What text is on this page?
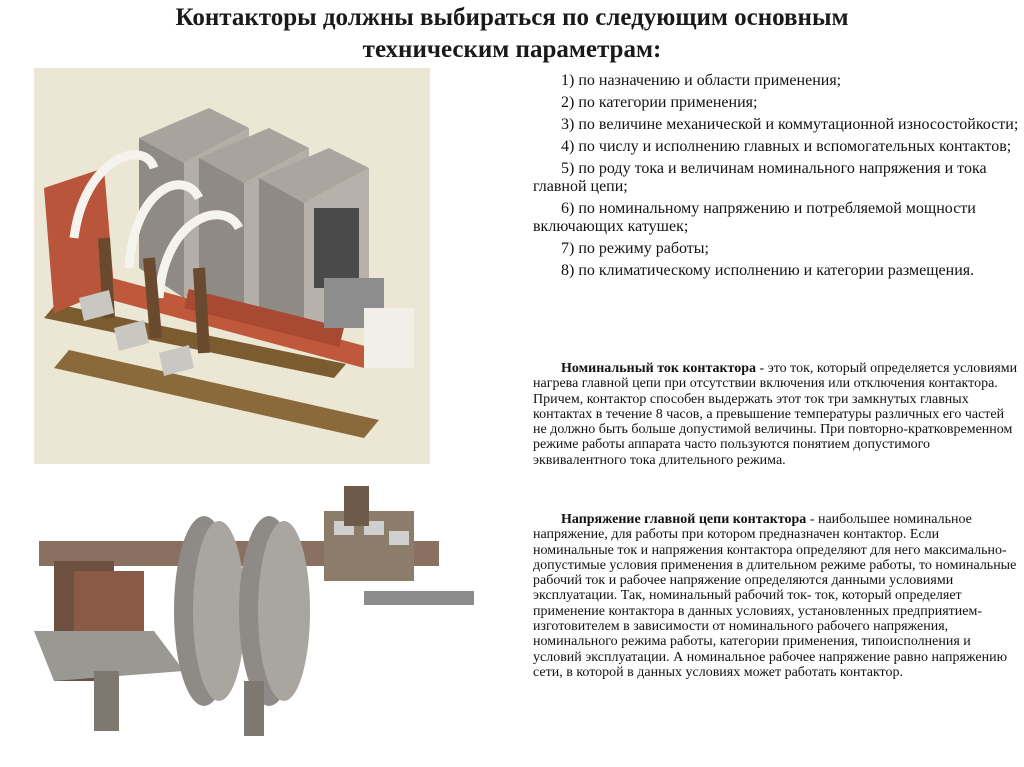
Контакторы должны выбираться по следующим основным
техническим параметрам:
1) по назначению и области применения;
2) по категории применения;
3) по величине механической и коммутационной износостойкости;
4) по числу и исполнению главных и вспомогательных контактов;
5) по роду тока и величинам номинального напряжения и тока главной цепи;
6) по номинальному напряжению и потребляемой мощности включающих катушек;
7) по режиму работы;
8) по климатическому исполнению и категории размещения.

Номинальный ток контактора - это ток, который определяется условиями нагрева главной цепи при отсутствии включения или отключения контактора. Причем, контактор способен выдержать этот ток три замкнутых главных контактах в течение 8 часов, а превышение температуры различных его частей не должно быть больше допустимой величины. При повторно-кратковременном режиме работы аппарата часто пользуются понятием допустимого эквивалентного тока длительного режима.

Напряжение главной цепи контактора - наибольшее номинальное напряжение, для работы при котором предназначен контактор. Если номинальные ток и напряжения контактора определяют для него максимально-допустимые условия применения в длительном режиме работы, то номинальные рабочий ток и рабочее напряжение определяются данными условиями эксплуатации. Так, номинальный рабочий ток- ток, который определяет применение контактора в данных условиях, установленных предприятием-изготовителем в зависимости от номинального рабочего напряжения, номинального режима работы, категории применения, типоисполнения и условий эксплуатации. А номинальное рабочее напряжение равно напряжению сети, в которой в данных условиях может работать контактор.
